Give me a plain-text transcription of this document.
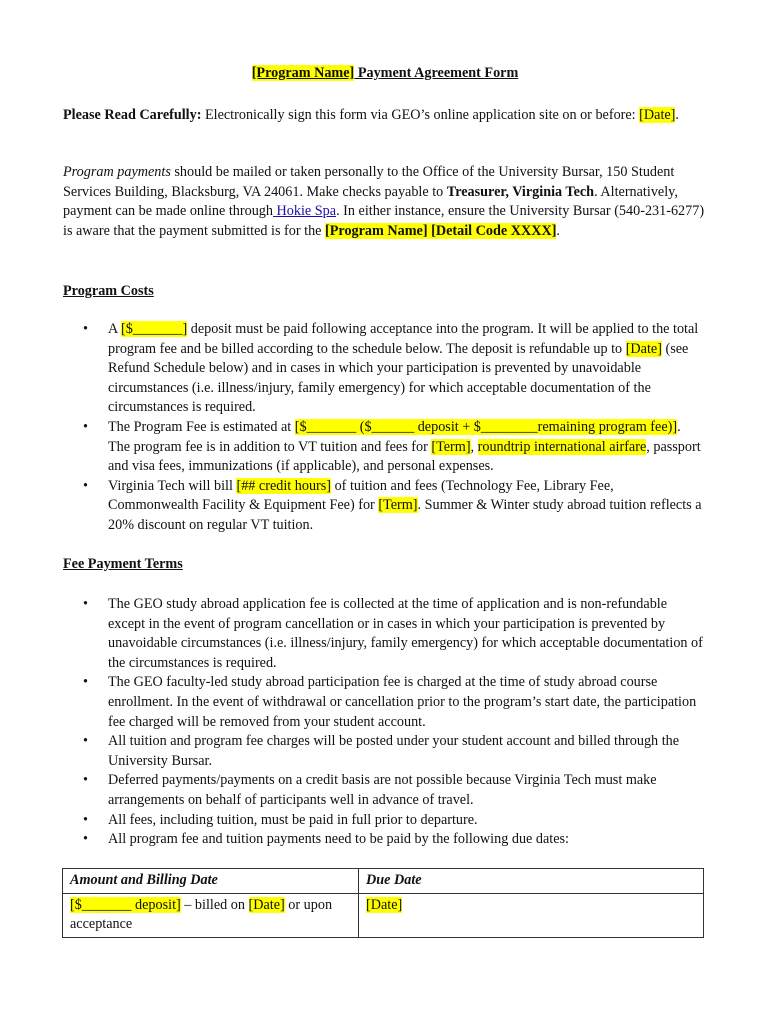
[Program Name] Payment Agreement Form
Please Read Carefully: Electronically sign this form via GEO’s online application site on or before: [Date].
Program payments should be mailed or taken personally to the Office of the University Bursar, 150 Student Services Building, Blacksburg, VA 24061. Make checks payable to Treasurer, Virginia Tech. Alternatively, payment can be made online through Hokie Spa. In either instance, ensure the University Bursar (540-231-6277) is aware that the payment submitted is for the [Program Name] [Detail Code XXXX].
Program Costs
• A [$_______] deposit must be paid following acceptance into the program. It will be applied to the total program fee and be billed according to the schedule below. The deposit is refundable up to [Date] (see Refund Schedule below) and in cases in which your participation is prevented by unavoidable circumstances (i.e. illness/injury, family emergency) for which acceptable documentation of the circumstances is required.
• The Program Fee is estimated at [$_______ ($______ deposit + $________remaining program fee)]. The program fee is in addition to VT tuition and fees for [Term], roundtrip international airfare, passport and visa fees, immunizations (if applicable), and personal expenses.
• Virginia Tech will bill [## credit hours] of tuition and fees (Technology Fee, Library Fee, Commonwealth Facility & Equipment Fee) for [Term]. Summer & Winter study abroad tuition reflects a 20% discount on regular VT tuition.
Fee Payment Terms
• The GEO study abroad application fee is collected at the time of application and is non-refundable except in the event of program cancellation or in cases in which your participation is prevented by unavoidable circumstances (i.e. illness/injury, family emergency) for which acceptable documentation of the circumstances is required.
• The GEO faculty-led study abroad participation fee is charged at the time of study abroad course enrollment. In the event of withdrawal or cancellation prior to the program’s start date, the participation fee charged will be removed from your student account.
• All tuition and program fee charges will be posted under your student account and billed through the University Bursar.
• Deferred payments/payments on a credit basis are not possible because Virginia Tech must make arrangements on behalf of participants well in advance of travel.
• All fees, including tuition, must be paid in full prior to departure.
• All program fee and tuition payments need to be paid by the following due dates:
Amount and Billing Date	Due Date
[$_______ deposit] – billed on [Date] or upon acceptance	[Date]
